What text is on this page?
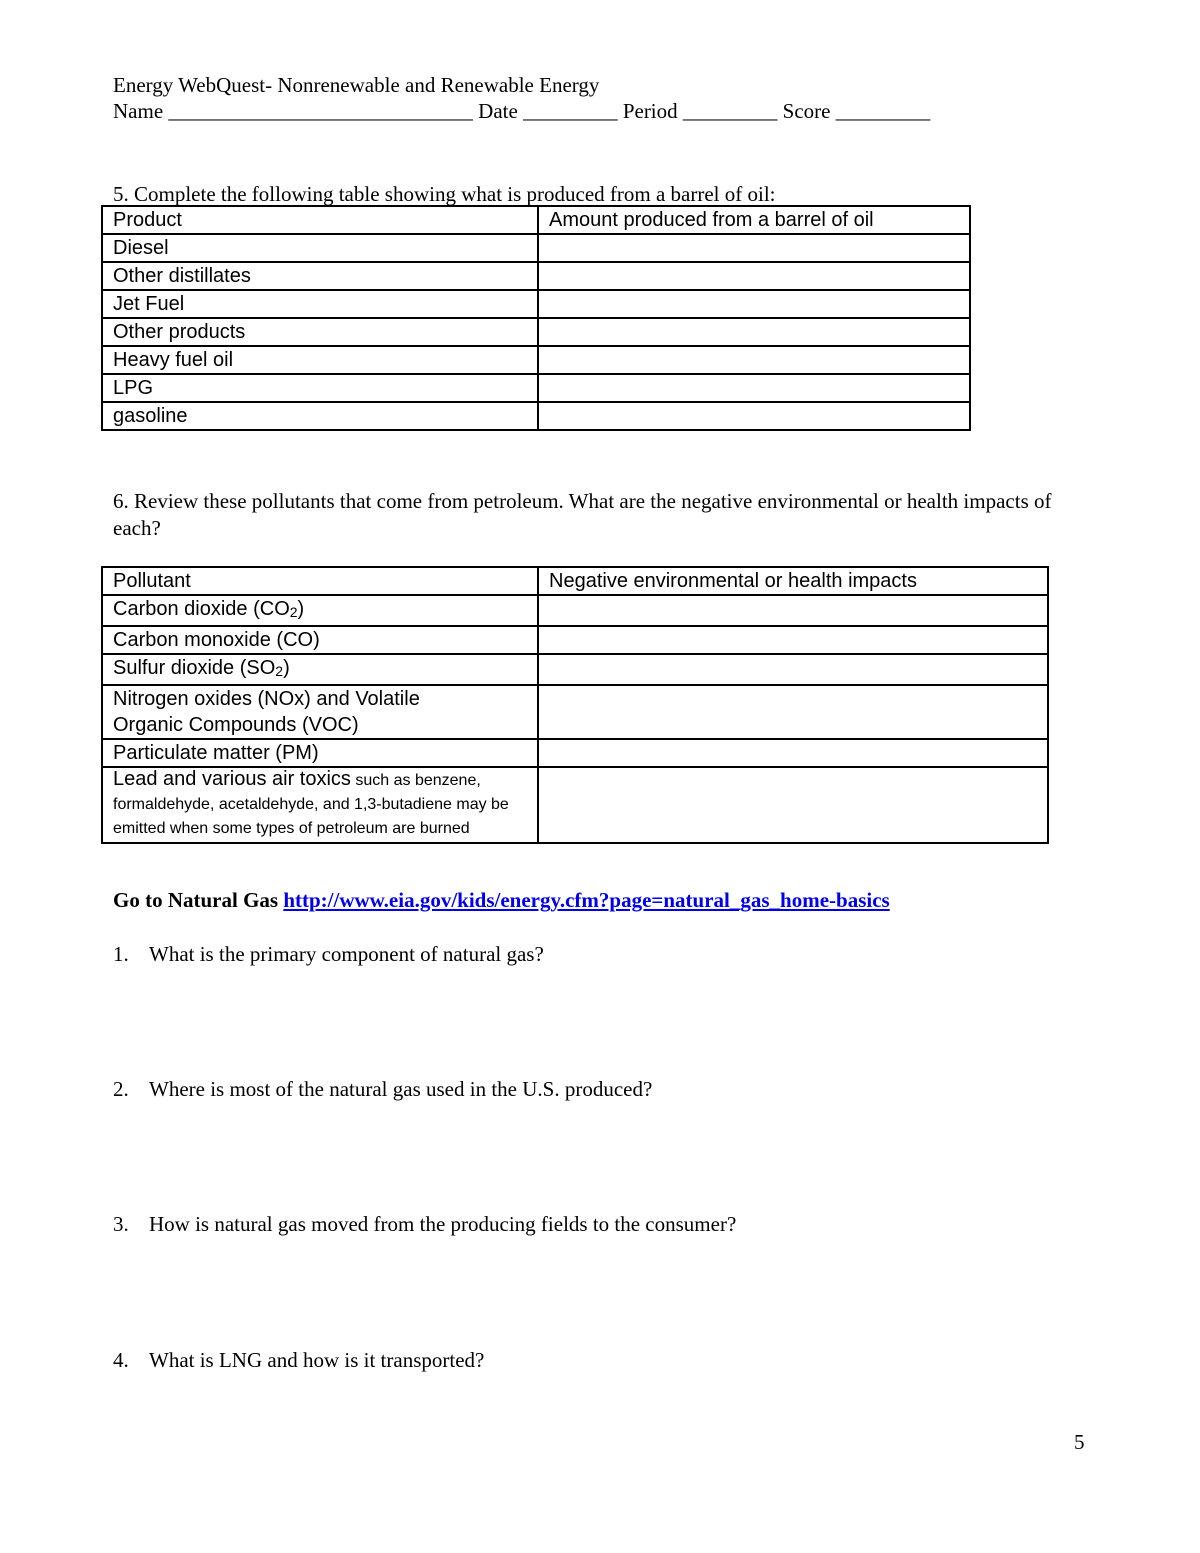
Energy WebQuest- Nonrenewable and Renewable Energy
Name _____________________________ Date _________ Period _________ Score _________
5. Complete the following table showing what is produced from a barrel of oil:
Product	Amount produced from a barrel of oil
Diesel	
Other distillates	
Jet Fuel	
Other products	
Heavy fuel oil	
LPG	
gasoline	
6. Review these pollutants that come from petroleum. What are the negative environmental or health impacts of each?
Pollutant	Negative environmental or health impacts
Carbon dioxide $(CO_2)$	
Carbon monoxide (CO)	
Sulfur dioxide $(SO_2)$	

Nitrogen oxides (NOx) and Volatile
Organic Compounds (VOC)	

Particulate matter (PM)	
Lead and various air toxics such as benzene, formaldehyde, acetaldehyde, and 1,3-butadiene may be emitted when some types of petroleum are burned	
Go to Natural Gas http://www.eia.gov/kids/energy.cfm?page=natural_gas_home-basics
1. What is the primary component of natural gas?
2. Where is most of the natural gas used in the U.S. produced?
3. How is natural gas moved from the producing fields to the consumer?
4. What is LNG and how is it transported?
5
